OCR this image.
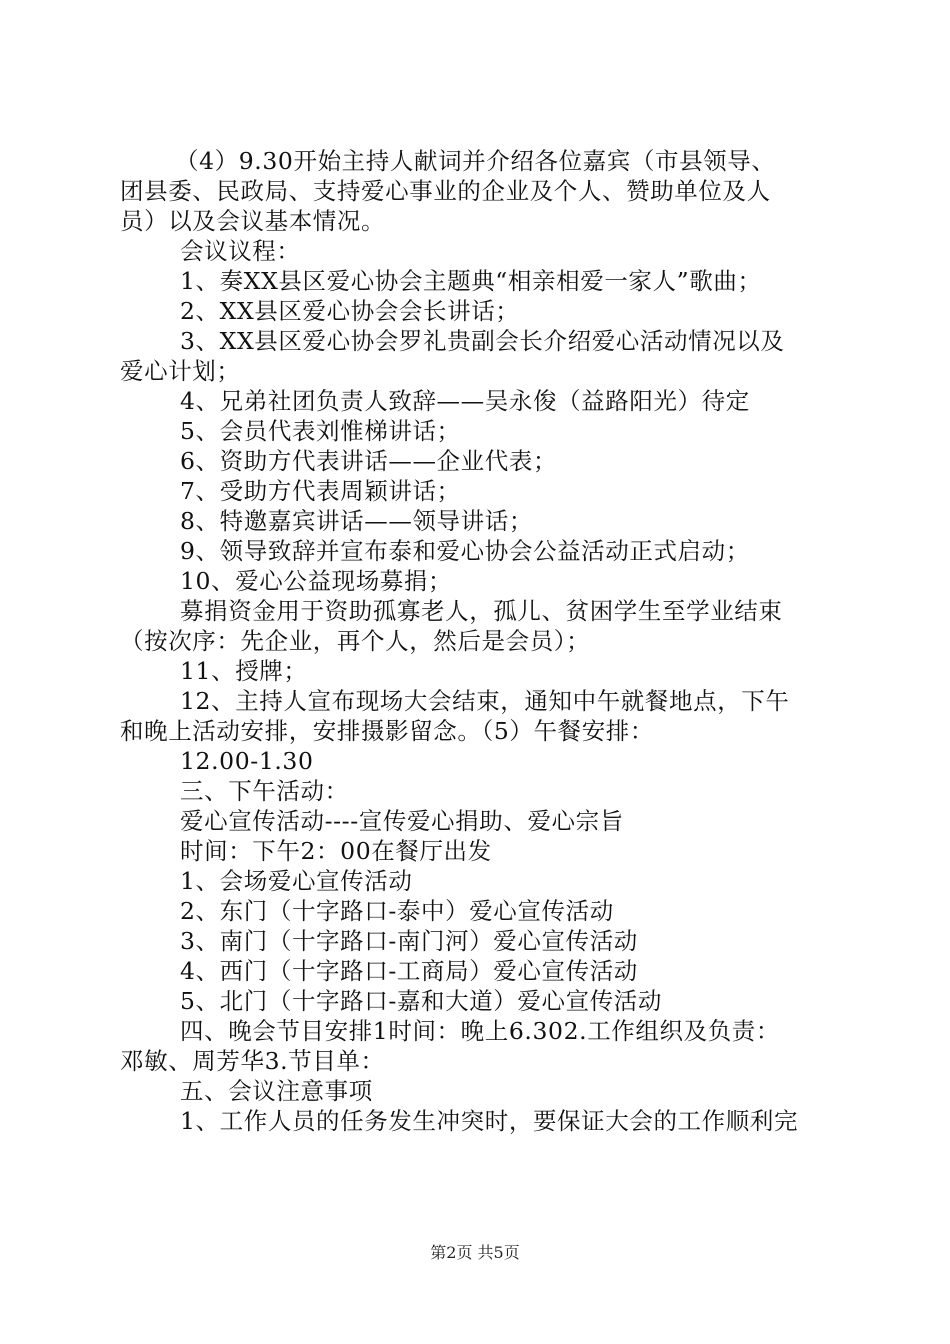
（4）9.30开始主持人献词并介绍各位嘉宾（市县领导、
团县委、民政局、支持爱心事业的企业及个人、赞助单位及人
员）以及会议基本情况。
会议议程：
1、奏XX县区爱心协会主题典“相亲相爱一家人”歌曲；
2、XX县区爱心协会会长讲话；
3、XX县区爱心协会罗礼贵副会长介绍爱心活动情况以及
爱心计划；
4、兄弟社团负责人致辞——吴永俊（益路阳光）待定
5、会员代表刘惟梯讲话；
6、资助方代表讲话——企业代表；
7、受助方代表周颖讲话；
8、特邀嘉宾讲话——领导讲话；
9、领导致辞并宣布泰和爱心协会公益活动正式启动；
10、爱心公益现场募捐；
募捐资金用于资助孤寡老人，孤儿、贫困学生至学业结束
（按次序：先企业，再个人，然后是会员）；
11、授牌；
12、主持人宣布现场大会结束，通知中午就餐地点，下午
和晚上活动安排，安排摄影留念。（5）午餐安排：
12.00-1.30
三、下午活动：
爱心宣传活动----宣传爱心捐助、爱心宗旨
时间：下午2：00在餐厅出发
1、会场爱心宣传活动
2、东门（十字路口-泰中）爱心宣传活动
3、南门（十字路口-南门河）爱心宣传活动
4、西门（十字路口-工商局）爱心宣传活动
5、北门（十字路口-嘉和大道）爱心宣传活动
四、晚会节目安排1时间：晚上6.302.工作组织及负责：
邓敏、周芳华3.节目单：
五、会议注意事项
1、工作人员的任务发生冲突时，要保证大会的工作顺利完
第2页 共5页
